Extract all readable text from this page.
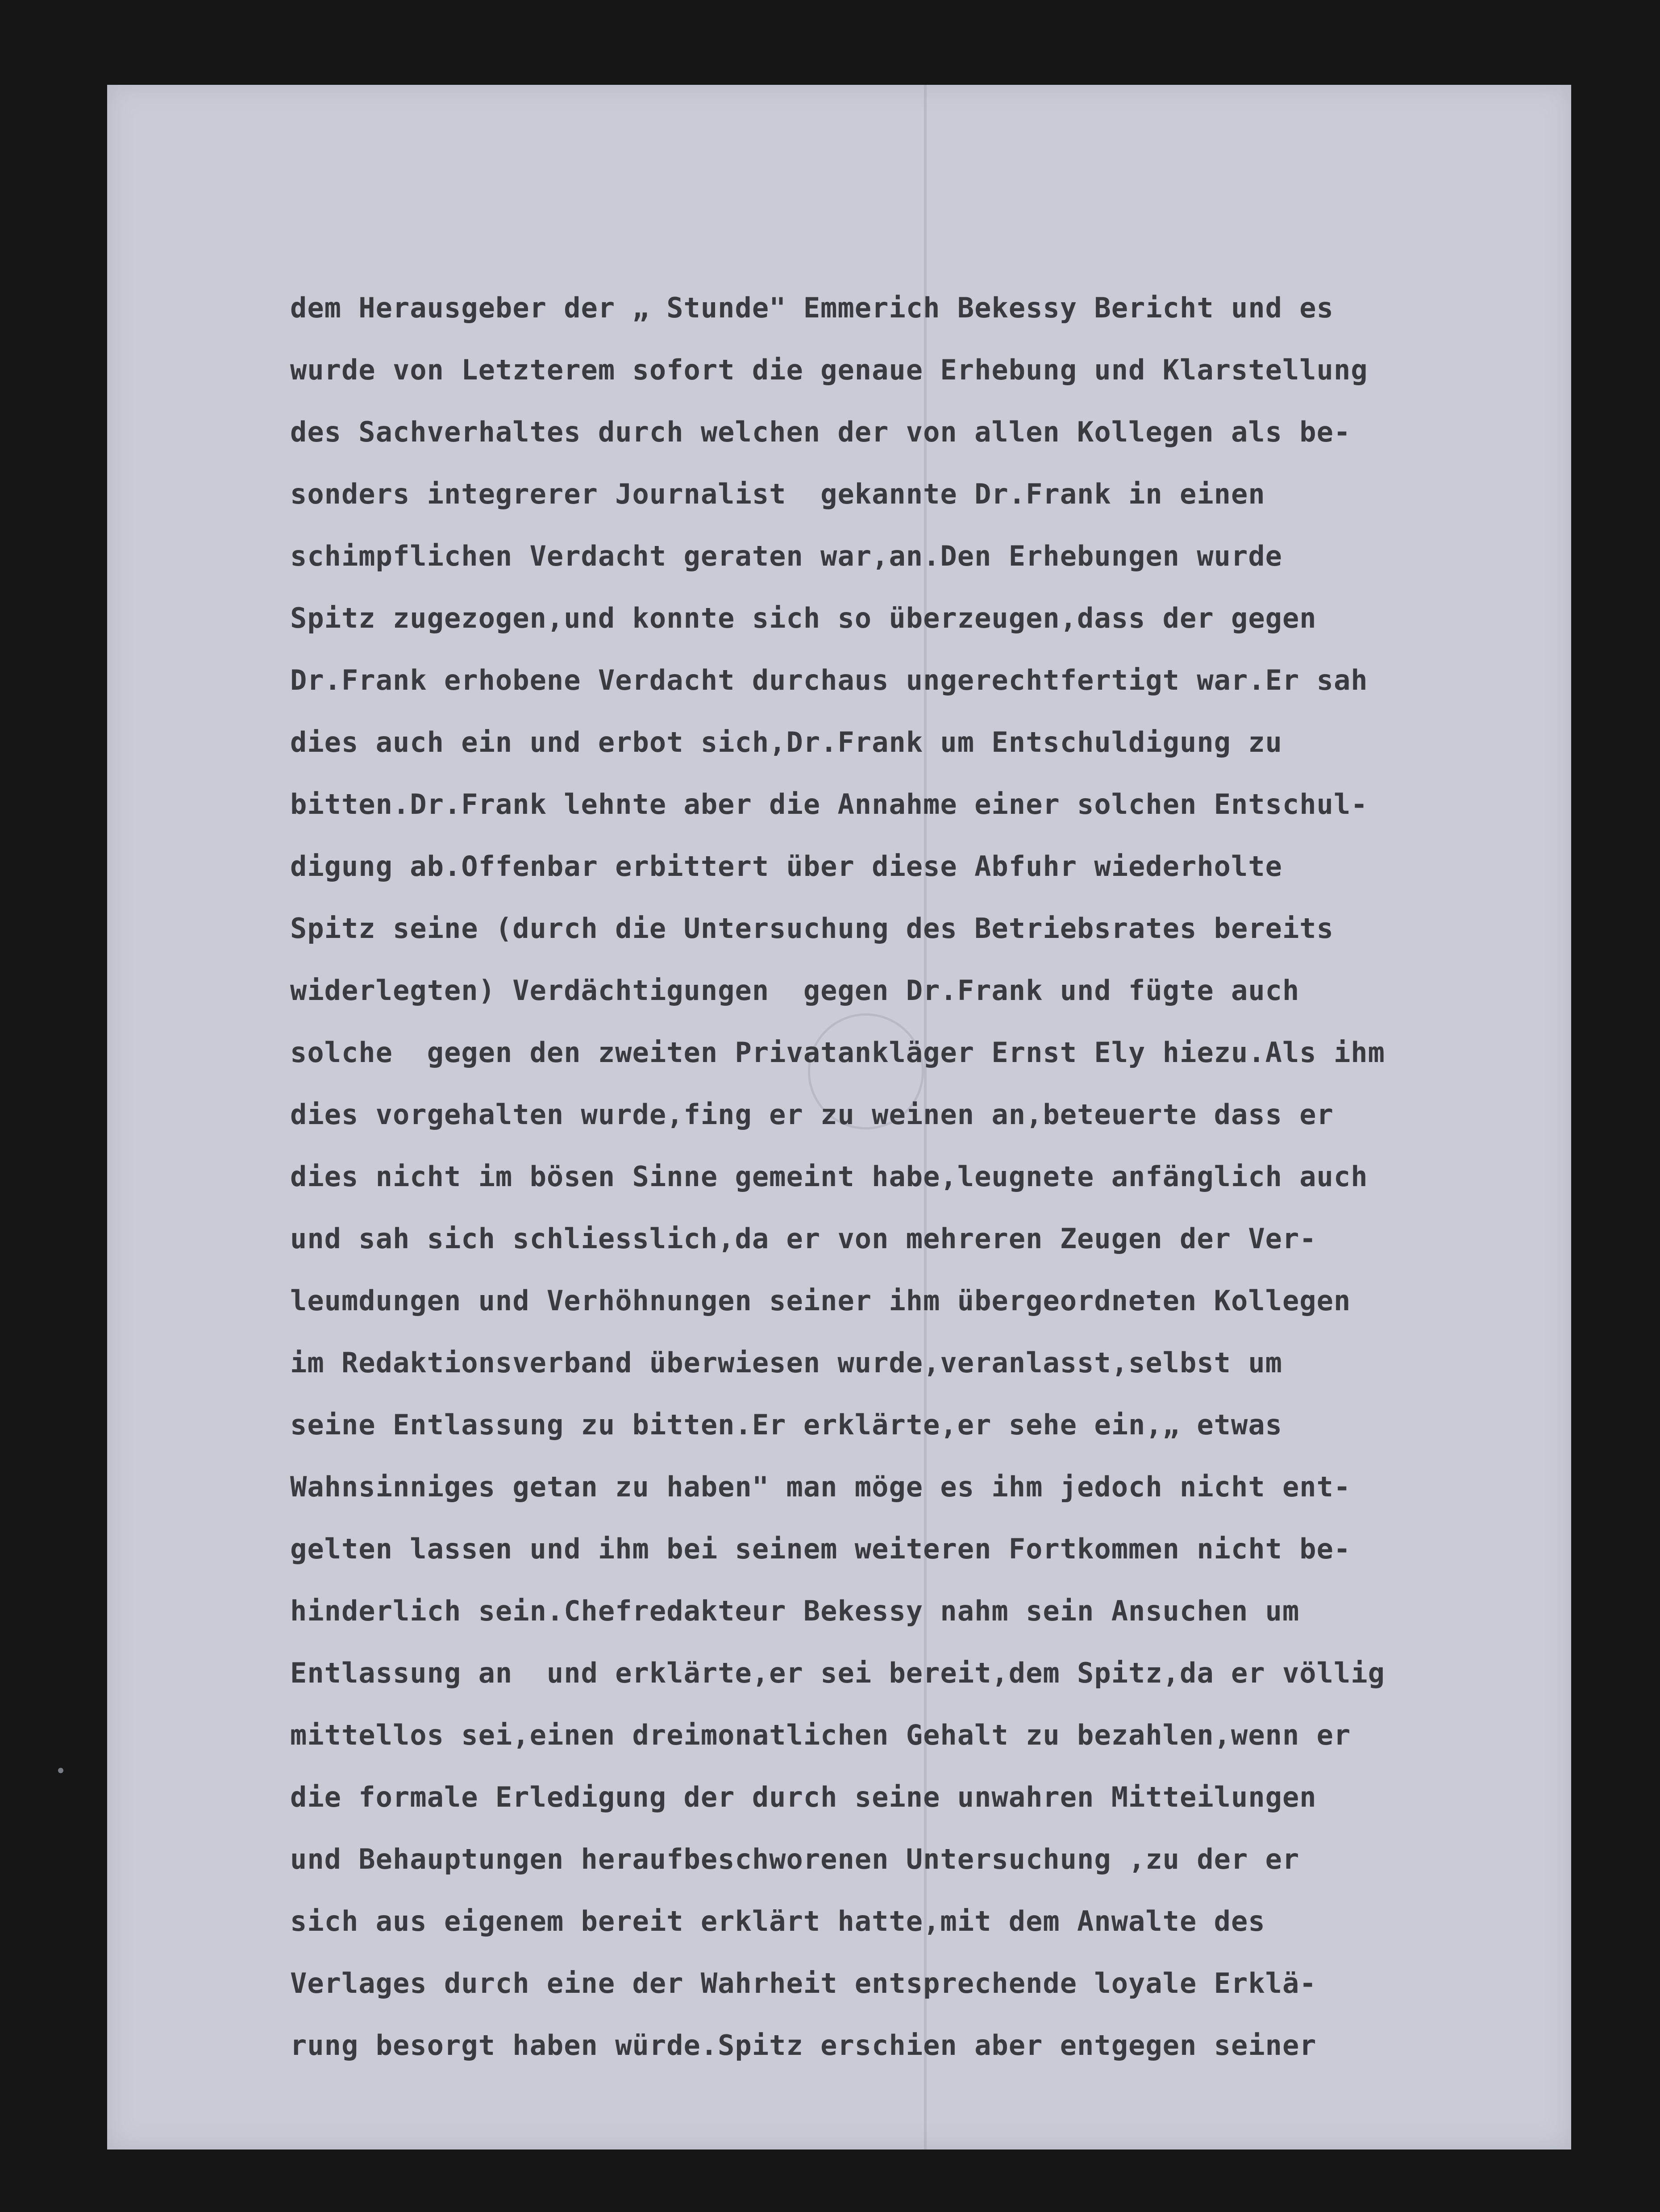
dem Herausgeber der „ Stunde" Emmerich Bekessy Bericht und es
wurde von Letzterem sofort die genaue Erhebung und Klarstellung
des Sachverhaltes durch welchen der von allen Kollegen als be-
sonders integrerer Journalist  gekannte Dr.Frank in einen
schimpflichen Verdacht geraten war,an.Den Erhebungen wurde
Spitz zugezogen,und konnte sich so überzeugen,dass der gegen
Dr.Frank erhobene Verdacht durchaus ungerechtfertigt war.Er sah
dies auch ein und erbot sich,Dr.Frank um Entschuldigung zu
bitten.Dr.Frank lehnte aber die Annahme einer solchen Entschul-
digung ab.Offenbar erbittert über diese Abfuhr wiederholte
Spitz seine (durch die Untersuchung des Betriebsrates bereits
widerlegten) Verdächtigungen  gegen Dr.Frank und fügte auch
solche  gegen den zweiten Privatankläger Ernst Ely hiezu.Als ihm
dies vorgehalten wurde,fing er zu weinen an,beteuerte dass er
dies nicht im bösen Sinne gemeint habe,leugnete anfänglich auch
und sah sich schliesslich,da er von mehreren Zeugen der Ver-
leumdungen und Verhöhnungen seiner ihm übergeordneten Kollegen
im Redaktionsverband überwiesen wurde,veranlasst,selbst um
seine Entlassung zu bitten.Er erklärte,er sehe ein,„ etwas
Wahnsinniges getan zu haben" man möge es ihm jedoch nicht ent-
gelten lassen und ihm bei seinem weiteren Fortkommen nicht be-
hinderlich sein.Chefredakteur Bekessy nahm sein Ansuchen um
Entlassung an  und erklärte,er sei bereit,dem Spitz,da er völlig
mittellos sei,einen dreimonatlichen Gehalt zu bezahlen,wenn er
die formale Erledigung der durch seine unwahren Mitteilungen
und Behauptungen heraufbeschworenen Untersuchung ,zu der er
sich aus eigenem bereit erklärt hatte,mit dem Anwalte des
Verlages durch eine der Wahrheit entsprechende loyale Erklä-
rung besorgt haben würde.Spitz erschien aber entgegen seiner
